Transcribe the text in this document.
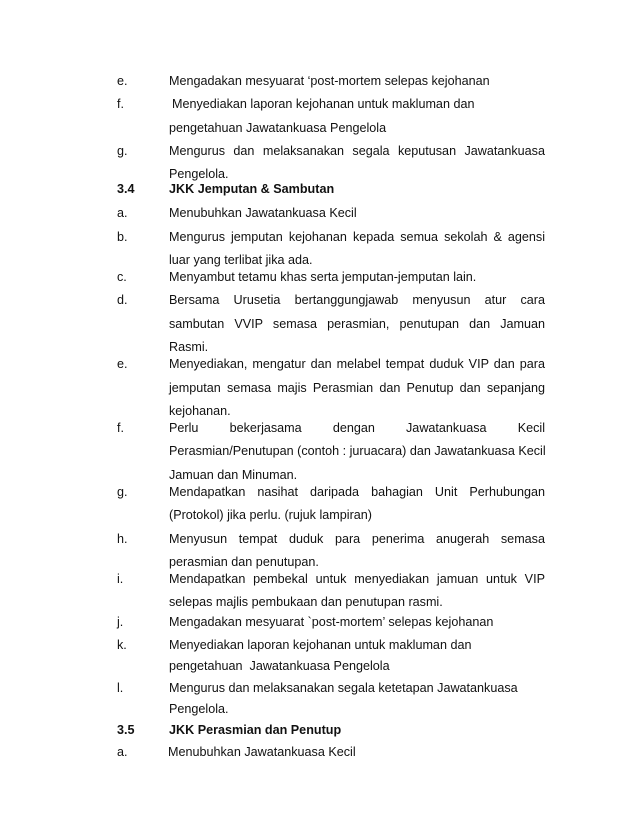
e.	Mengadakan mesyuarat ‘post-mortem selepas kejohanan
f.	Menyediakan laporan kejohanan untuk makluman dan
pengetahuan Jawatankuasa Pengelola
g.	Mengurus dan melaksanakan segala keputusan Jawatankuasa
Pengelola.
3.4	JKK Jemputan & Sambutan
a.	Menubuhkan Jawatankuasa Kecil
b.	Mengurus jemputan kejohanan kepada semua sekolah & agensi
luar yang terlibat jika ada.
c.	Menyambut tetamu khas serta jemputan-jemputan lain.
d.	Bersama Urusetia bertanggungjawab menyusun atur cara
sambutan VVIP semasa perasmian, penutupan dan Jamuan
Rasmi.
e.	Menyediakan, mengatur dan melabel tempat duduk VIP dan para
jemputan semasa majis Perasmian dan Penutup dan sepanjang
kejohanan.
f.	Perlu bekerjasama dengan Jawatankuasa Kecil
Perasmian/Penutupan (contoh : juruacara) dan Jawatankuasa Kecil
Jamuan dan Minuman.
g.	Mendapatkan nasihat daripada bahagian Unit Perhubungan
(Protokol) jika perlu. (rujuk lampiran)
h.	Menyusun tempat duduk para penerima anugerah semasa
perasmian dan penutupan.
i.	Mendapatkan pembekal untuk menyediakan jamuan untuk VIP
selepas majlis pembukaan dan penutupan rasmi.
j.	Mengadakan mesyuarat `post-mortem’ selepas kejohanan
k.	Menyediakan laporan kejohanan untuk makluman dan
pengetahuan  Jawatankuasa Pengelola
l.	Mengurus dan melaksanakan segala ketetapan Jawatankuasa
Pengelola.
3.5	JKK Perasmian dan Penutup
a.	Menubuhkan Jawatankuasa Kecil
